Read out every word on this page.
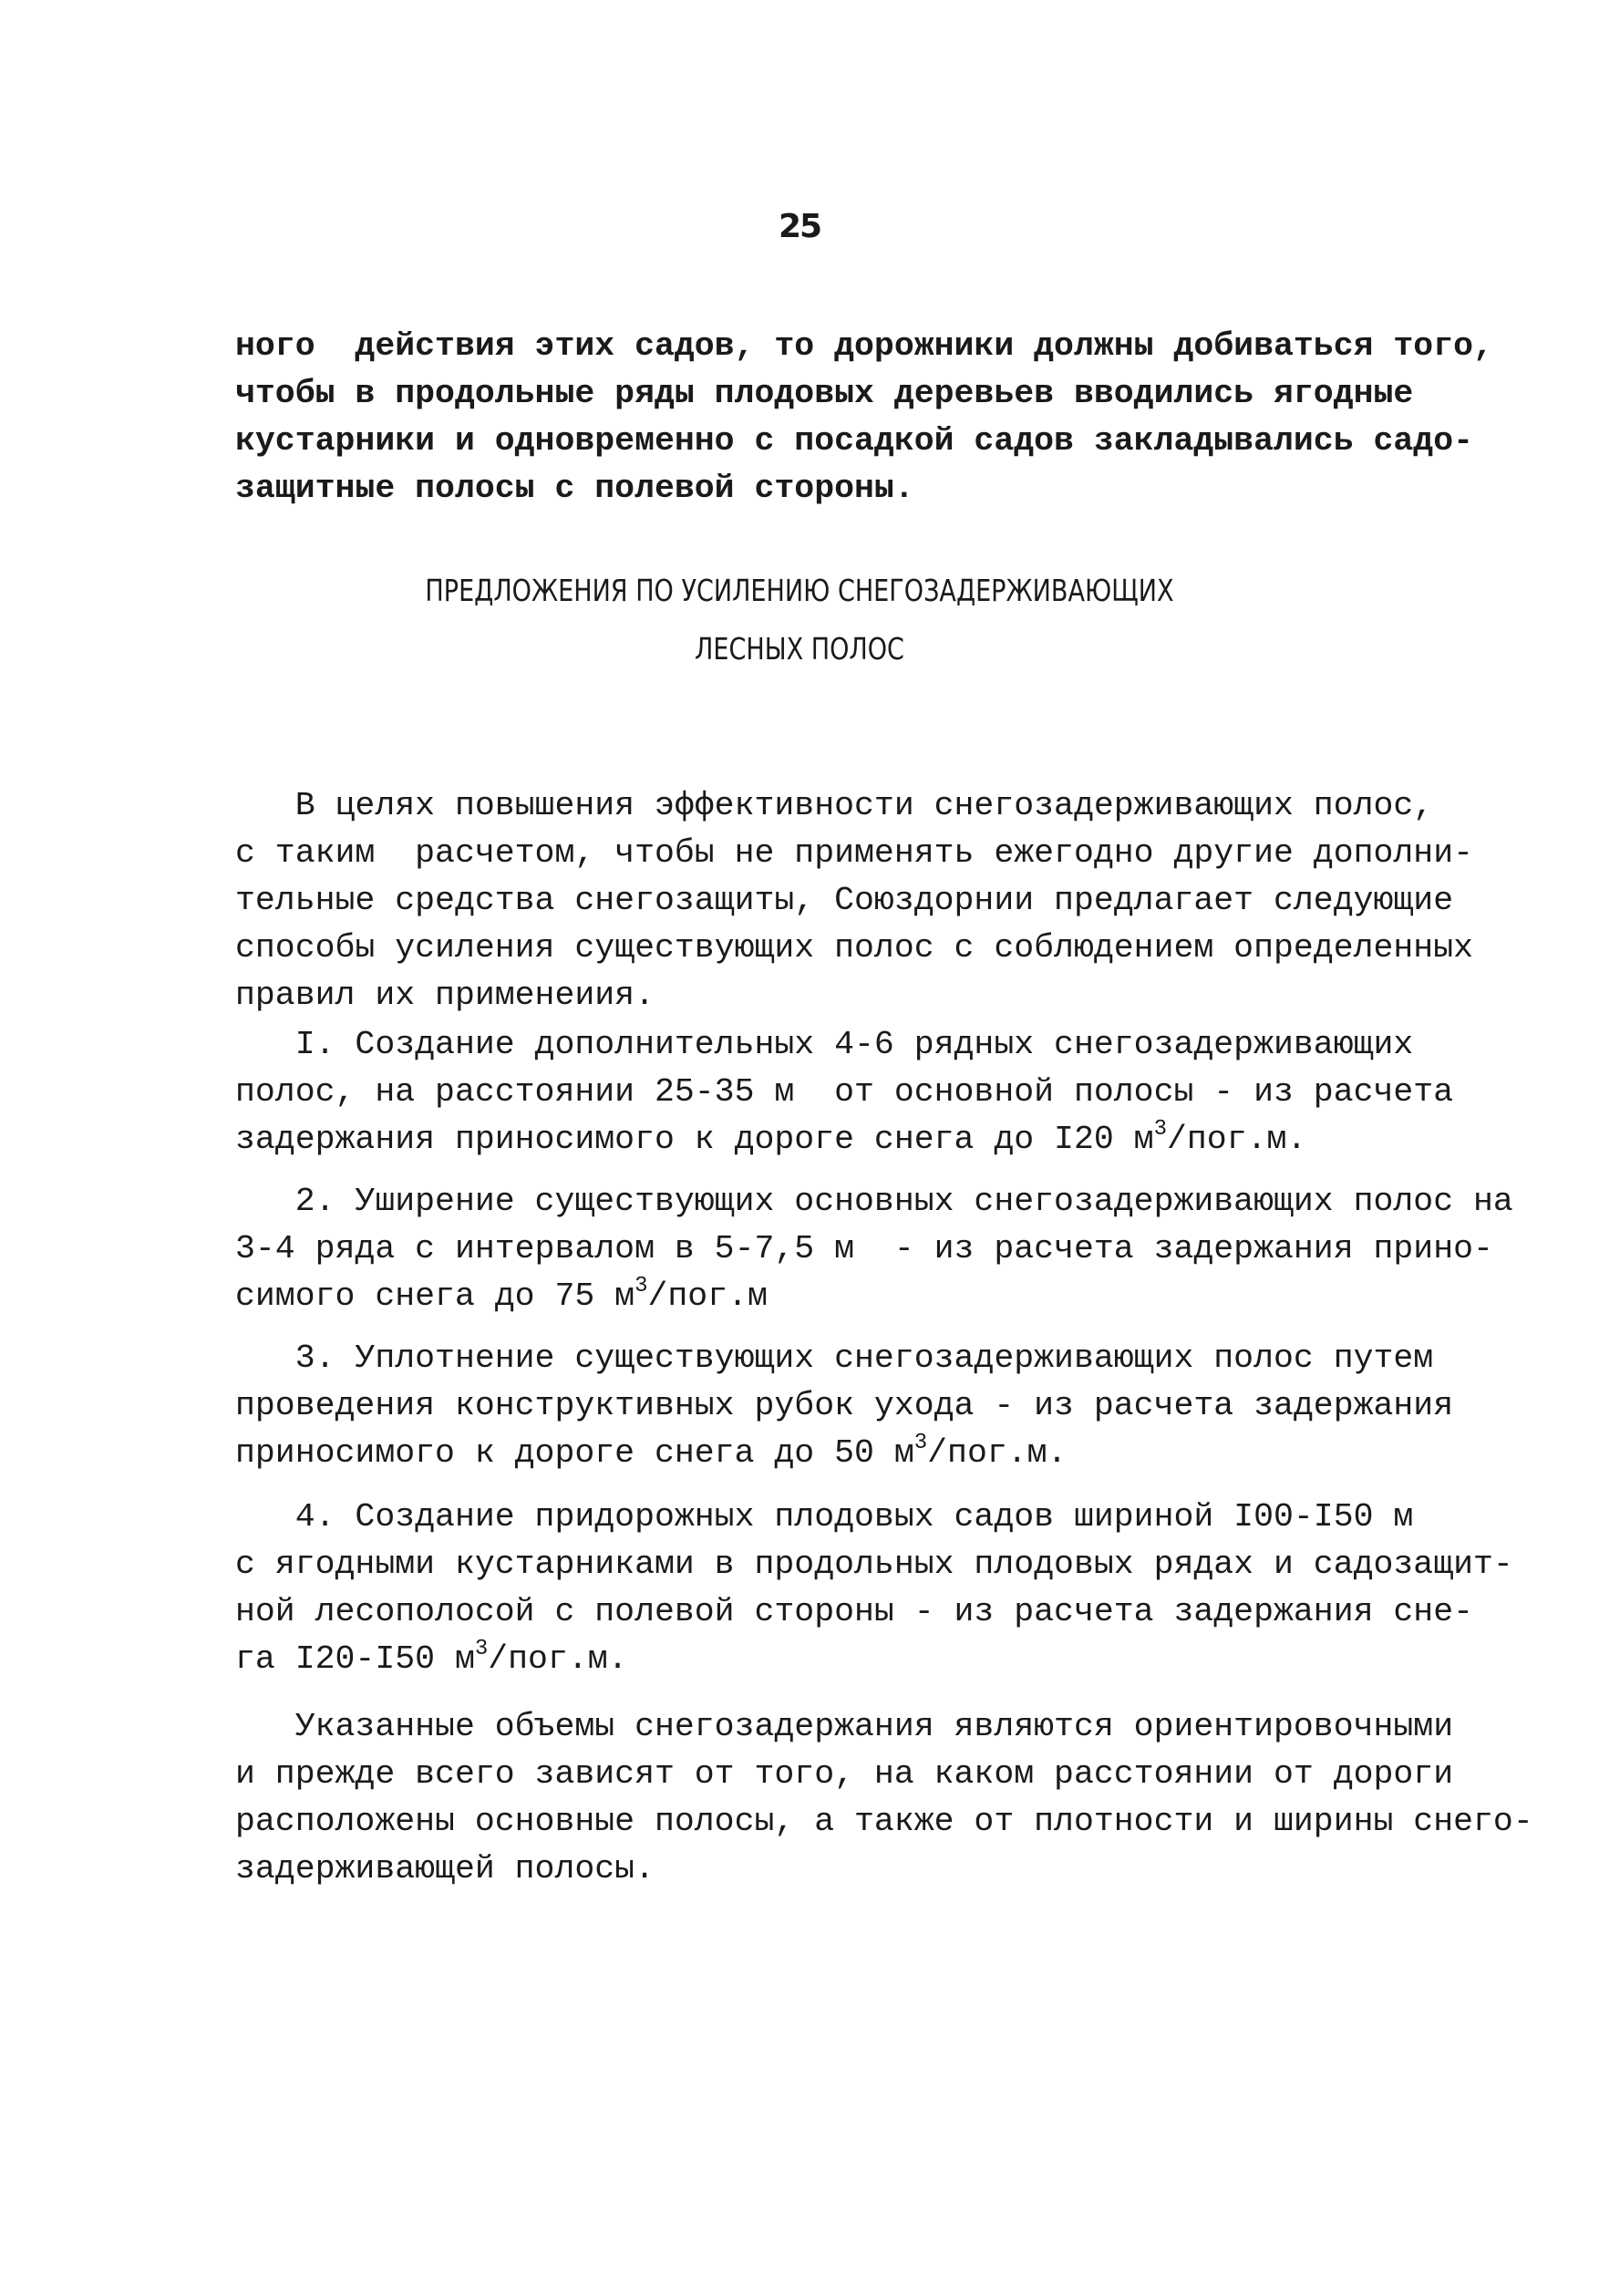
25
ного  действия этих садов, то дорожники должны добиваться того,
чтобы в продольные ряды плодовых деревьев вводились ягодные
кустарники и одновременно с посадкой садов закладывались садо-
защитные полосы с полевой стороны.
ПРЕДЛОЖЕНИЯ ПО УСИЛЕНИЮ СНЕГОЗАДЕРЖИВАЮЩИХ
ЛЕСНЫХ ПОЛОС
В целях повышения эффективности снегозадерживающих полос,
с таким  расчетом, чтобы не применять ежегодно другие дополни-
тельные средства снегозащиты, Союздорнии предлагает следующие
способы усиления существующих полос с соблюдением определенных
правил их применеиия.
I. Создание дополнительных 4-6 рядных снегозадерживающих
полос, на расстоянии 25-35 м  от основной полосы - из расчета
задержания приносимого к дороге снега до I20 $м^3/пог.м$.
2. Уширение существующих основных снегозадерживающих полос на
3-4 ряда с интервалом в 5-7,5 м  - из расчета задержания прино-
симого снега до 75 $м^3/пог.м$
3. Уплотнение существующих снегозадерживающих полос путем
проведения конструктивных рубок ухода - из расчета задержания
приносимого к дороге снега до 50 $м^3/пог.м$.
4. Создание придорожных плодовых садов шириной I00-I50 м
с ягодными кустарниками в продольных плодовых рядах и садозащит-
ной лесополосой с полевой стороны - из расчета задержания сне-
га I20-I50 $м^3/пог.м$.
Указанные объемы снегозадержания являются ориентировочными
и прежде всего зависят от того, на каком расстоянии от дороги
расположены основные полосы, а также от плотности и ширины снего-
задерживающей полосы.
